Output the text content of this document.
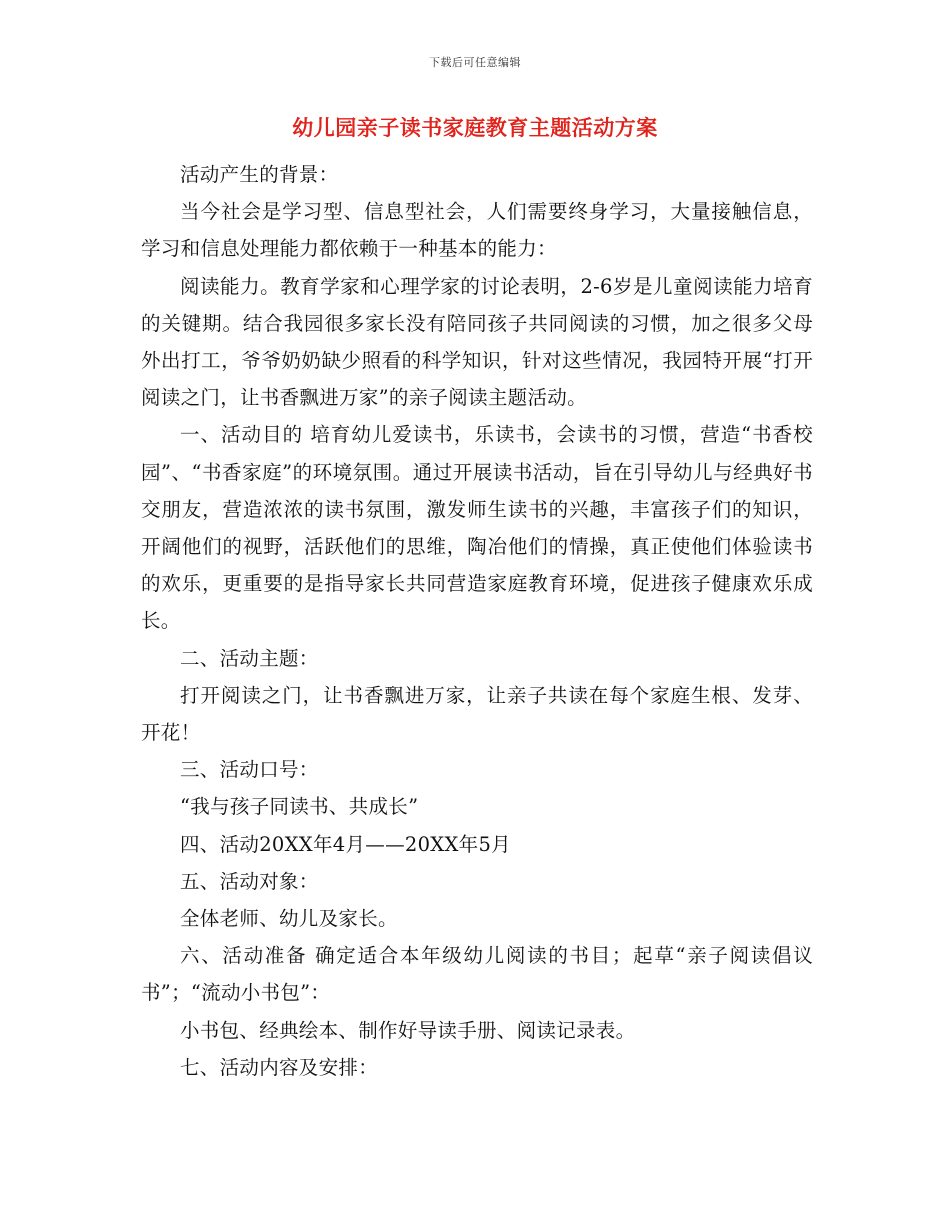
下载后可任意编辑
幼儿园亲子读书家庭教育主题活动方案

活动产生的背景：

当今社会是学习型、信息型社会，人们需要终身学习，大量接触信息，学习和信息处理能力都依赖于一种基本的能力：

阅读能力。教育学家和心理学家的讨论表明，2-6岁是儿童阅读能力培育的关键期。结合我园很多家长没有陪同孩子共同阅读的习惯，加之很多父母外出打工，爷爷奶奶缺少照看的科学知识，针对这些情况，我园特开展“打开阅读之门，让书香飘进万家”的亲子阅读主题活动。

一、活动目的 培育幼儿爱读书，乐读书，会读书的习惯，营造“书香校园”、“书香家庭”的环境氛围。通过开展读书活动，旨在引导幼儿与经典好书交朋友，营造浓浓的读书氛围，激发师生读书的兴趣，丰富孩子们的知识，开阔他们的视野，活跃他们的思维，陶冶他们的情操，真正使他们体验读书的欢乐，更重要的是指导家长共同营造家庭教育环境，促进孩子健康欢乐成长。

二、活动主题：

打开阅读之门，让书香飘进万家，让亲子共读在每个家庭生根、发芽、开花！

三、活动口号：

“我与孩子同读书、共成长”

四、活动20XX年4月——20XX年5月

五、活动对象：

全体老师、幼儿及家长。

六、活动准备 确定适合本年级幼儿阅读的书目；起草“亲子阅读倡议书”；“流动小书包”：

小书包、经典绘本、制作好导读手册、阅读记录表。

七、活动内容及安排：
